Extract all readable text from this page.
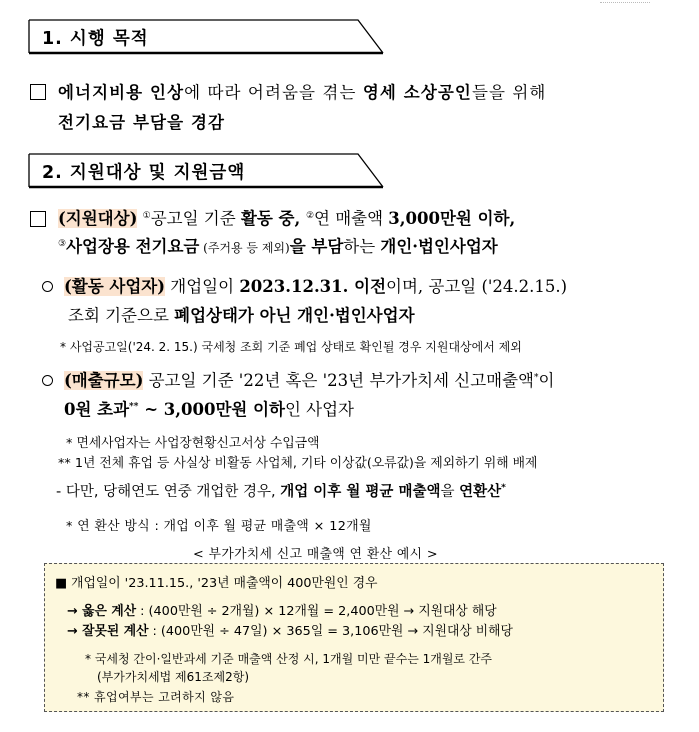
1. 시행 목적
에너지비용 인상에 따라 어려움을 겪는 영세 소상공인들을 위해
전기요금 부담을 경감
2. 지원대상 및 지원금액
(지원대상) ①공고일 기준 활동 중, ②연 매출액 3,000만원 이하,
③사업장용 전기요금 (주거용 등 제외)을 부담하는 개인·법인사업자
(활동 사업자) 개업일이 2023.12.31. 이전이며, 공고일 ('24.2.15.)
조회 기준으로 폐업상태가 아닌 개인·법인사업자
* 사업공고일('24. 2. 15.) 국세청 조회 기준 폐업 상태로 확인될 경우 지원대상에서 제외
(매출규모) 공고일 기준 '22년 혹은 '23년 부가가치세 신고매출액*이
0원 초과** ~ 3,000만원 이하인 사업자
* 면세사업자는 사업장현황신고서상 수입금액
** 1년 전체 휴업 등 사실상 비활동 사업체, 기타 이상값(오류값)을 제외하기 위해 배제
- 다만, 당해연도 연중 개업한 경우, 개업 이후 월 평균 매출액을 연환산*
* 연 환산 방식 : 개업 이후 월 평균 매출액 × 12개월
< 부가가치세 신고 매출액 연 환산 예시 >
■ 개업일이 '23.11.15., '23년 매출액이 400만원인 경우
→ 옳은 계산 : (400만원 ÷ 2개월) × 12개월 = 2,400만원 → 지원대상 해당
→ 잘못된 계산 : (400만원 ÷ 47일) × 365일 = 3,106만원 → 지원대상 비해당
* 국세청 간이·일반과세 기준 매출액 산정 시, 1개월 미만 끝수는 1개월로 간주
(부가가치세법 제61조제2항)
** 휴업여부는 고려하지 않음
